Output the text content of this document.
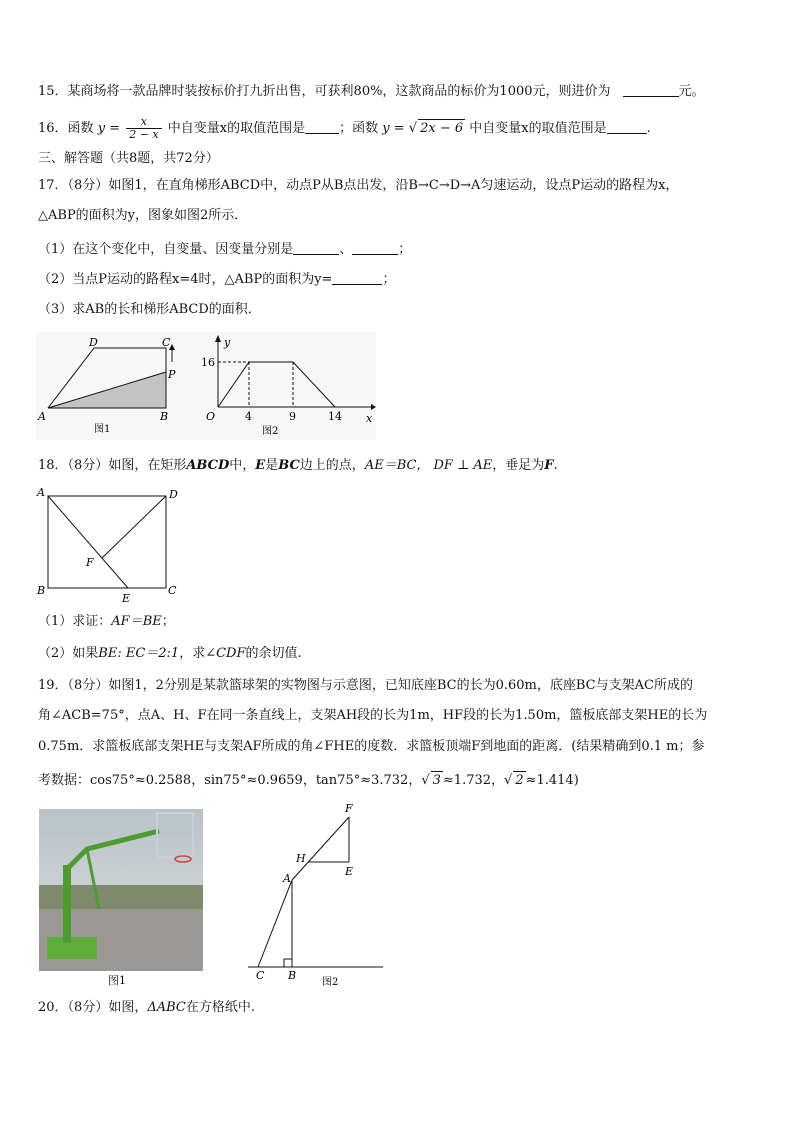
15．某商场将一款品牌时装按标价打九折出售，可获利80%，这款商品的标价为1000元，则进价为	元。
16．函数 $y = \frac{x}{2 - x}$ 中自变量x的取值范围是	；函数 y = √ 2x − 6 中自变量x的取值范围是	.
三、解答题（共8题，共72分）
17．（8分）如图1，在直角梯形ABCD中，动点P从B点出发，沿B→C→D→A匀速运动，设点P运动的路程为x，
△ABP的面积为y，图象如图2所示．
（1）在这个变化中，自变量、因变量分别是	、	；
（2）当点P运动的路程x=4时，△ABP的面积为y=	；
（3）求AB的长和梯形ABCD的面积．
A	B
C
D
P
图1
y
x
O
16
4	9	14
图2
18．（8分）如图，在矩形ABCD中，E是BC边上的点，AE＝BC， DF ⊥ AE，垂足为F.
A	D
B	C
E
F
（1）求证：AF＝BE；
（2）如果BE: EC＝2:1，求∠CDF的余切值.
19．（8分）如图1，2分别是某款篮球架的实物图与示意图，已知底座BC的长为0.60m，底座BC与支架AC所成的
角∠ACB=75°，点A、H、F在同一条直线上，支架AH段的长为1m，HF段的长为1.50m，篮板底部支架HE的长为
0.75m．求篮板底部支架HE与支架AF所成的角∠FHE的度数．求篮板顶端F到地面的距离．(结果精确到0.1 m；参
考数据：cos75°≈0.2588，sin75°≈0.9659，tan75°≈3.732，√ 3 ≈1.732，√ 2 ≈1.414)
图1
F
H
E
A
C B
图2
20．（8分）如图，ΔABC在方格纸中.
